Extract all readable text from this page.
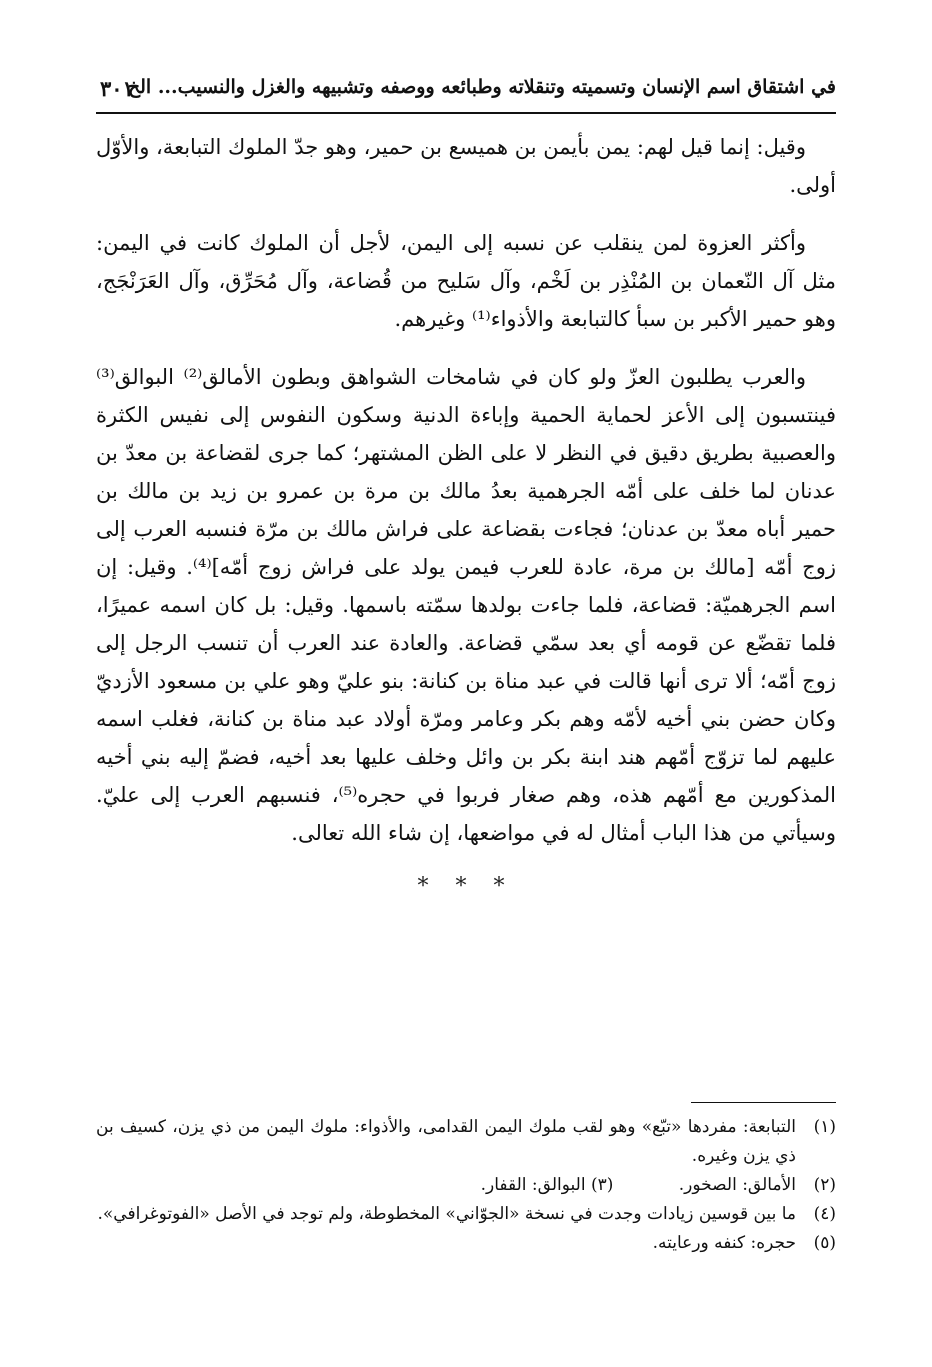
في اشتقاق اسم الإنسان وتسميته وتنقلاته وطبائعه ووصفه وتشبيهه والغزل والنسيب... الخ
٣٠١

وقيل: إنما قيل لهم: يمن بأيمن بن هميسع بن حمير، وهو جدّ الملوك التبابعة، والأوّل أولى.

وأكثر العزوة لمن ينقلب عن نسبه إلى اليمن، لأجل أن الملوك كانت في اليمن: مثل آل النّعمان بن المُنْذِر بن لَخْم، وآل سَليح من قُضاعة، وآل مُحَرِّق، وآل العَرَنْجَج، وهو حمير الأكبر بن سبأ كالتبابعة والأذواء⁽¹⁾ وغيرهم.

والعرب يطلبون العزّ ولو كان في شامخات الشواهق وبطون الأمالق⁽²⁾ البوالق⁽³⁾ فينتسبون إلى الأعز لحماية الحمية وإباءة الدنية وسكون النفوس إلى نفيس الكثرة والعصبية بطريق دقيق في النظر لا على الظن المشتهر؛ كما جرى لقضاعة بن معدّ بن عدنان لما خلف على أمّه الجرهمية بعدُ مالك بن مرة بن عمرو بن زيد بن مالك بن حمير أباه معدّ بن عدنان؛ فجاءت بقضاعة على فراش مالك بن مرّة فنسبه العرب إلى زوج أمّه [مالك بن مرة، عادة للعرب فيمن يولد على فراش زوج أمّه]⁽⁴⁾. وقيل: إن اسم الجرهميّة: قضاعة، فلما جاءت بولدها سمّته باسمها. وقيل: بل كان اسمه عميرًا، فلما تقضّع عن قومه أي بعد سمّي قضاعة. والعادة عند العرب أن تنسب الرجل إلى زوج أمّه؛ ألا ترى أنها قالت في عبد مناة بن كنانة: بنو عليّ وهو علي بن مسعود الأزديّ وكان حضن بني أخيه لأمّه وهم بكر وعامر ومرّة أولاد عبد مناة بن كنانة، فغلب اسمه عليهم لما تزوّج أمّهم هند ابنة بكر بن وائل وخلف عليها بعد أخيه، فضمّ إليه بني أخيه المذكورين مع أمّهم هذه، وهم صغار فربوا في حجره⁽⁵⁾، فنسبهم العرب إلى عليّ. وسيأتي من هذا الباب أمثال له في مواضعها، إن شاء الله تعالى.

* * *
(١)
التبابعة: مفردها «تبّع» وهو لقب ملوك اليمن القدامى، والأذواء: ملوك اليمن من ذي يزن، كسيف بن ذي يزن وغيره.
(٢)
الأمالق: الصخور. (٣) البوالق: القفار.
(٤)
ما بين قوسين زيادات وجدت في نسخة «الجوّاني» المخطوطة، ولم توجد في الأصل «الفوتوغرافي».
(٥)
حجره: كنفه ورعايته.
